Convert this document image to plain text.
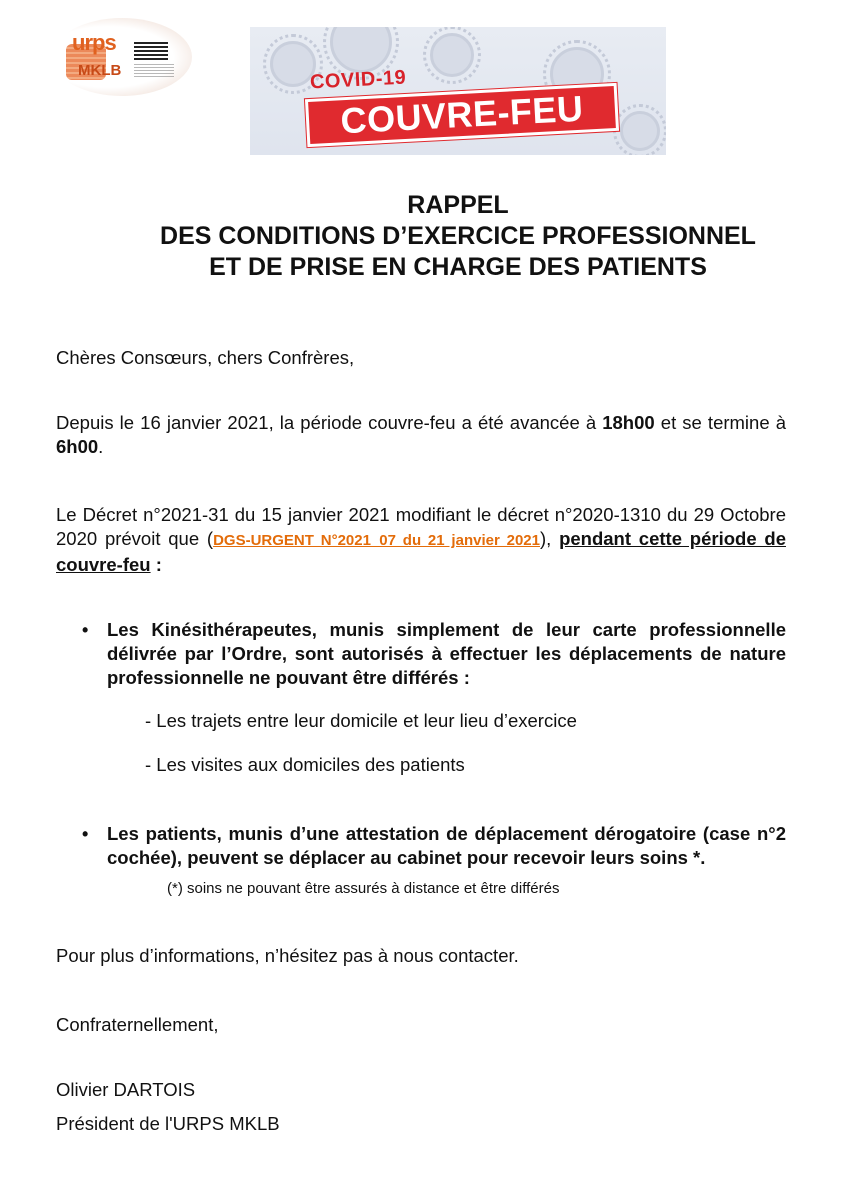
urps
MKLB	COVID-19
COUVRE-FEU
RAPPEL
DES CONDITIONS D’EXERCICE PROFESSIONNEL
ET DE PRISE EN CHARGE DES PATIENTS
Chères Consœurs, chers Confrères,
Depuis le 16 janvier 2021, la période couvre-feu a été avancée à 18h00 et se termine à 6h00.
Le Décret n°2021-31 du 15 janvier 2021 modifiant le décret n°2020-1310 du 29 Octobre 2020 prévoit que (DGS-URGENT N°2021_07 du 21 janvier 2021), pendant cette période de couvre-feu :
• Les Kinésithérapeutes, munis simplement de leur carte professionnelle délivrée par l’Ordre, sont autorisés à effectuer les déplacements de nature professionnelle ne pouvant être différés :
- Les trajets entre leur domicile et leur lieu d’exercice
- Les visites aux domiciles des patients
• Les patients, munis d’une attestation de déplacement dérogatoire (case n°2 cochée), peuvent se déplacer au cabinet pour recevoir leurs soins *.
(*) soins ne pouvant être assurés à distance et être différés
Pour plus d’informations, n’hésitez pas à nous contacter.
Confraternellement,
Olivier DARTOIS
Président de l'URPS MKLB
